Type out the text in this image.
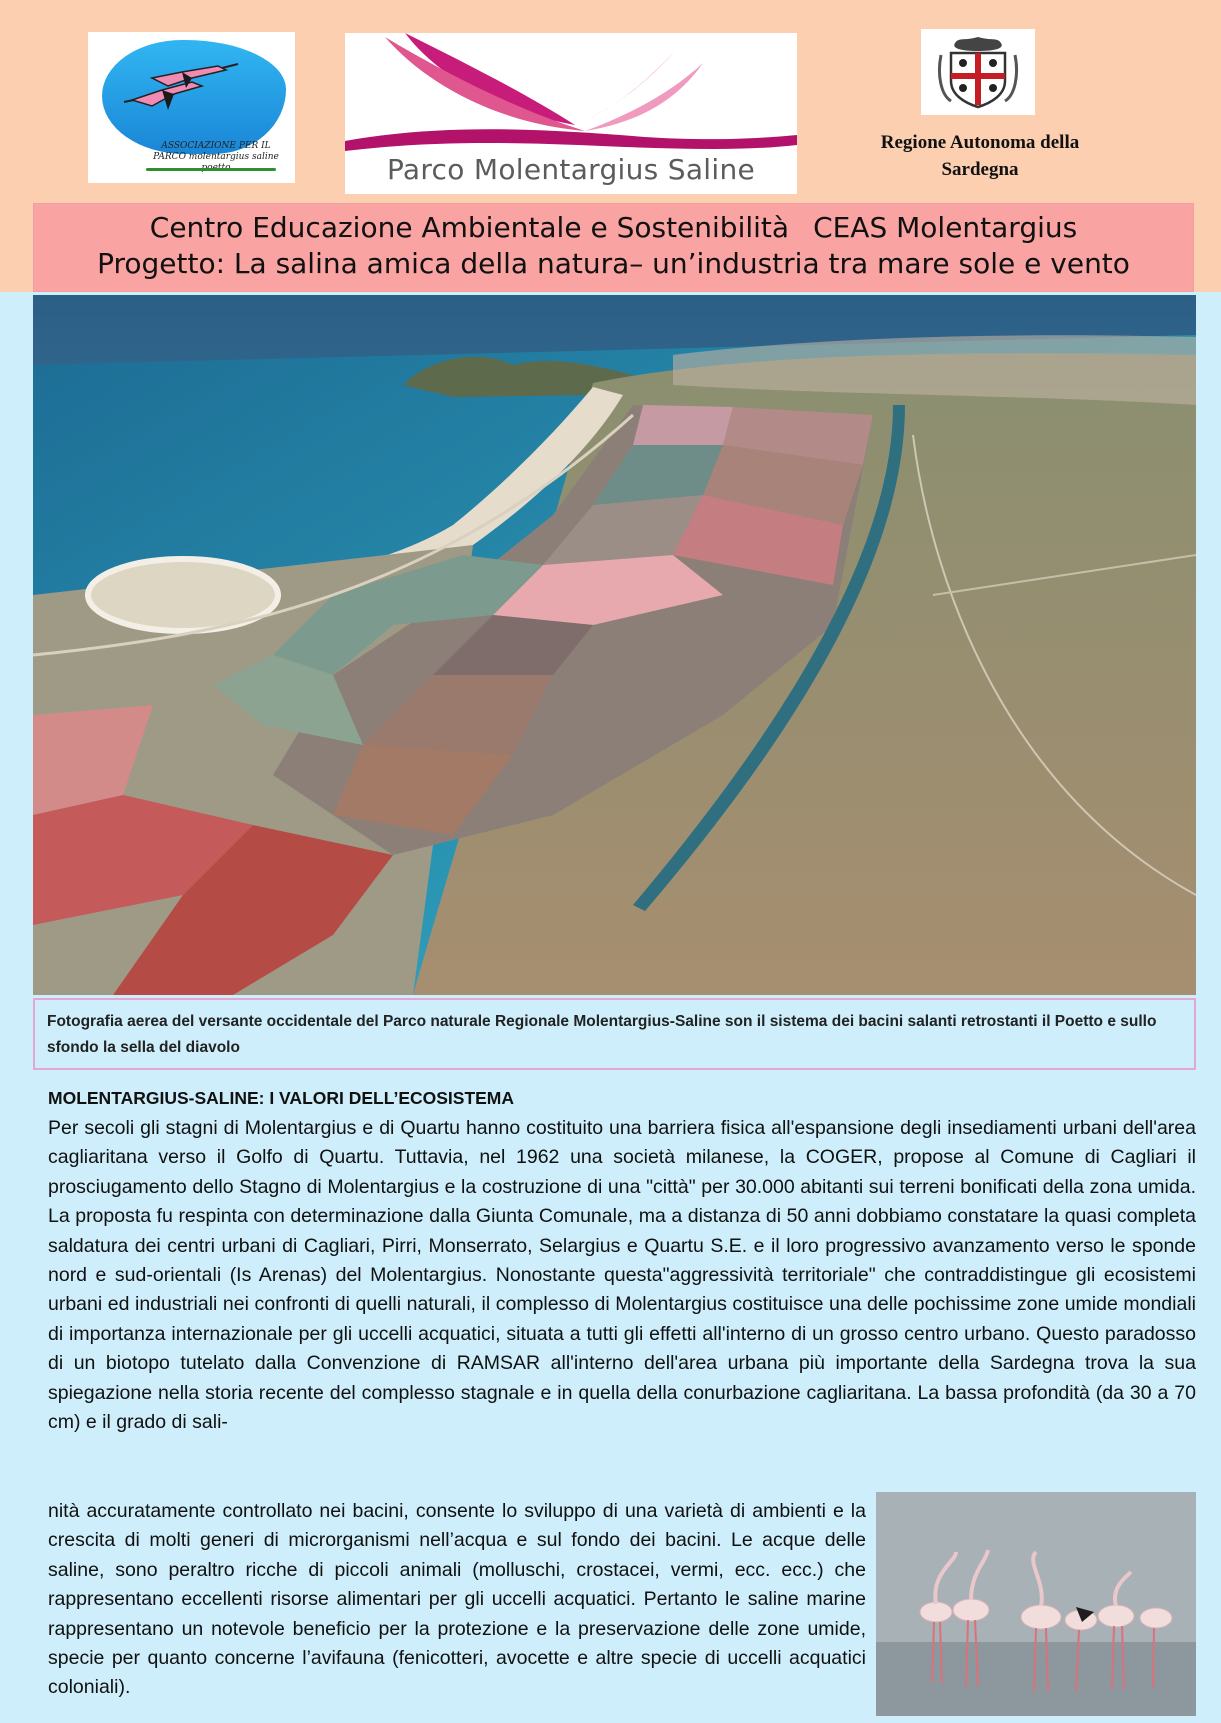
ASSOCIAZIONE PER IL PARCO molentargius saline	Parco Molentargius Saline
Regione Autonoma della Sardegna
Centro Educazione Ambientale e Sostenibilità CEAS Molentargius
Progetto: La salina amica della natura– un’industria tra mare sole e vento
Fotografia aerea del versante occidentale del Parco naturale Regionale Molentargius-Saline son il sistema dei bacini salanti retrostanti il Poetto e sullo sfondo la sella del diavolo
MOLENTARGIUS-SALINE: I VALORI DELL’ECOSISTEMA
Per secoli gli stagni di Molentargius e di Quartu hanno costituito una barriera fisica all'espansione degli insediamenti urbani dell'area cagliaritana verso il Golfo di Quartu. Tuttavia, nel 1962 una società milanese, la COGER, propose al Comune di Cagliari il prosciugamento dello Stagno di Molentargius e la costruzione di una "città" per 30.000 abitanti sui terreni bonificati della zona umida. La proposta fu respinta con determinazione dalla Giunta Comunale, ma a distanza di 50 anni dobbiamo constatare la quasi completa saldatura dei centri urbani di Cagliari, Pirri, Monserrato, Selargius e Quartu S.E. e il loro progressivo avanzamento verso le sponde nord e sud-orientali (Is Arenas) del Molentargius. Nonostante questa"aggressività territoriale" che contraddistingue gli ecosistemi urbani ed industriali nei confronti di quelli naturali, il complesso di Molentargius costituisce una delle pochissime zone umide mondiali di importanza internazionale per gli uccelli acquatici, situata a tutti gli effetti all'interno di un grosso centro urbano. Questo paradosso di un biotopo tutelato dalla Convenzione di RAMSAR all'interno dell'area urbana più importante della Sardegna trova la sua spiegazione nella storia recente del complesso stagnale e in quella della conurbazione cagliaritana. La bassa profondità (da 30 a 70 cm) e il grado di sali-
nità accuratamente controllato nei bacini, consente lo sviluppo di una varietà di ambienti e la crescita di molti generi di microrganismi nell’acqua e sul fondo dei bacini. Le acque delle saline, sono peraltro ricche di piccoli animali (molluschi, crostacei, vermi, ecc. ecc.) che rappresentano eccellenti risorse alimentari per gli uccelli acquatici. Pertanto le saline marine rappresentano un notevole beneficio per la protezione e la preservazione delle zone umide, specie per quanto concerne l’avifauna (fenicotteri, avocette e altre specie di uccelli acquatici coloniali).
